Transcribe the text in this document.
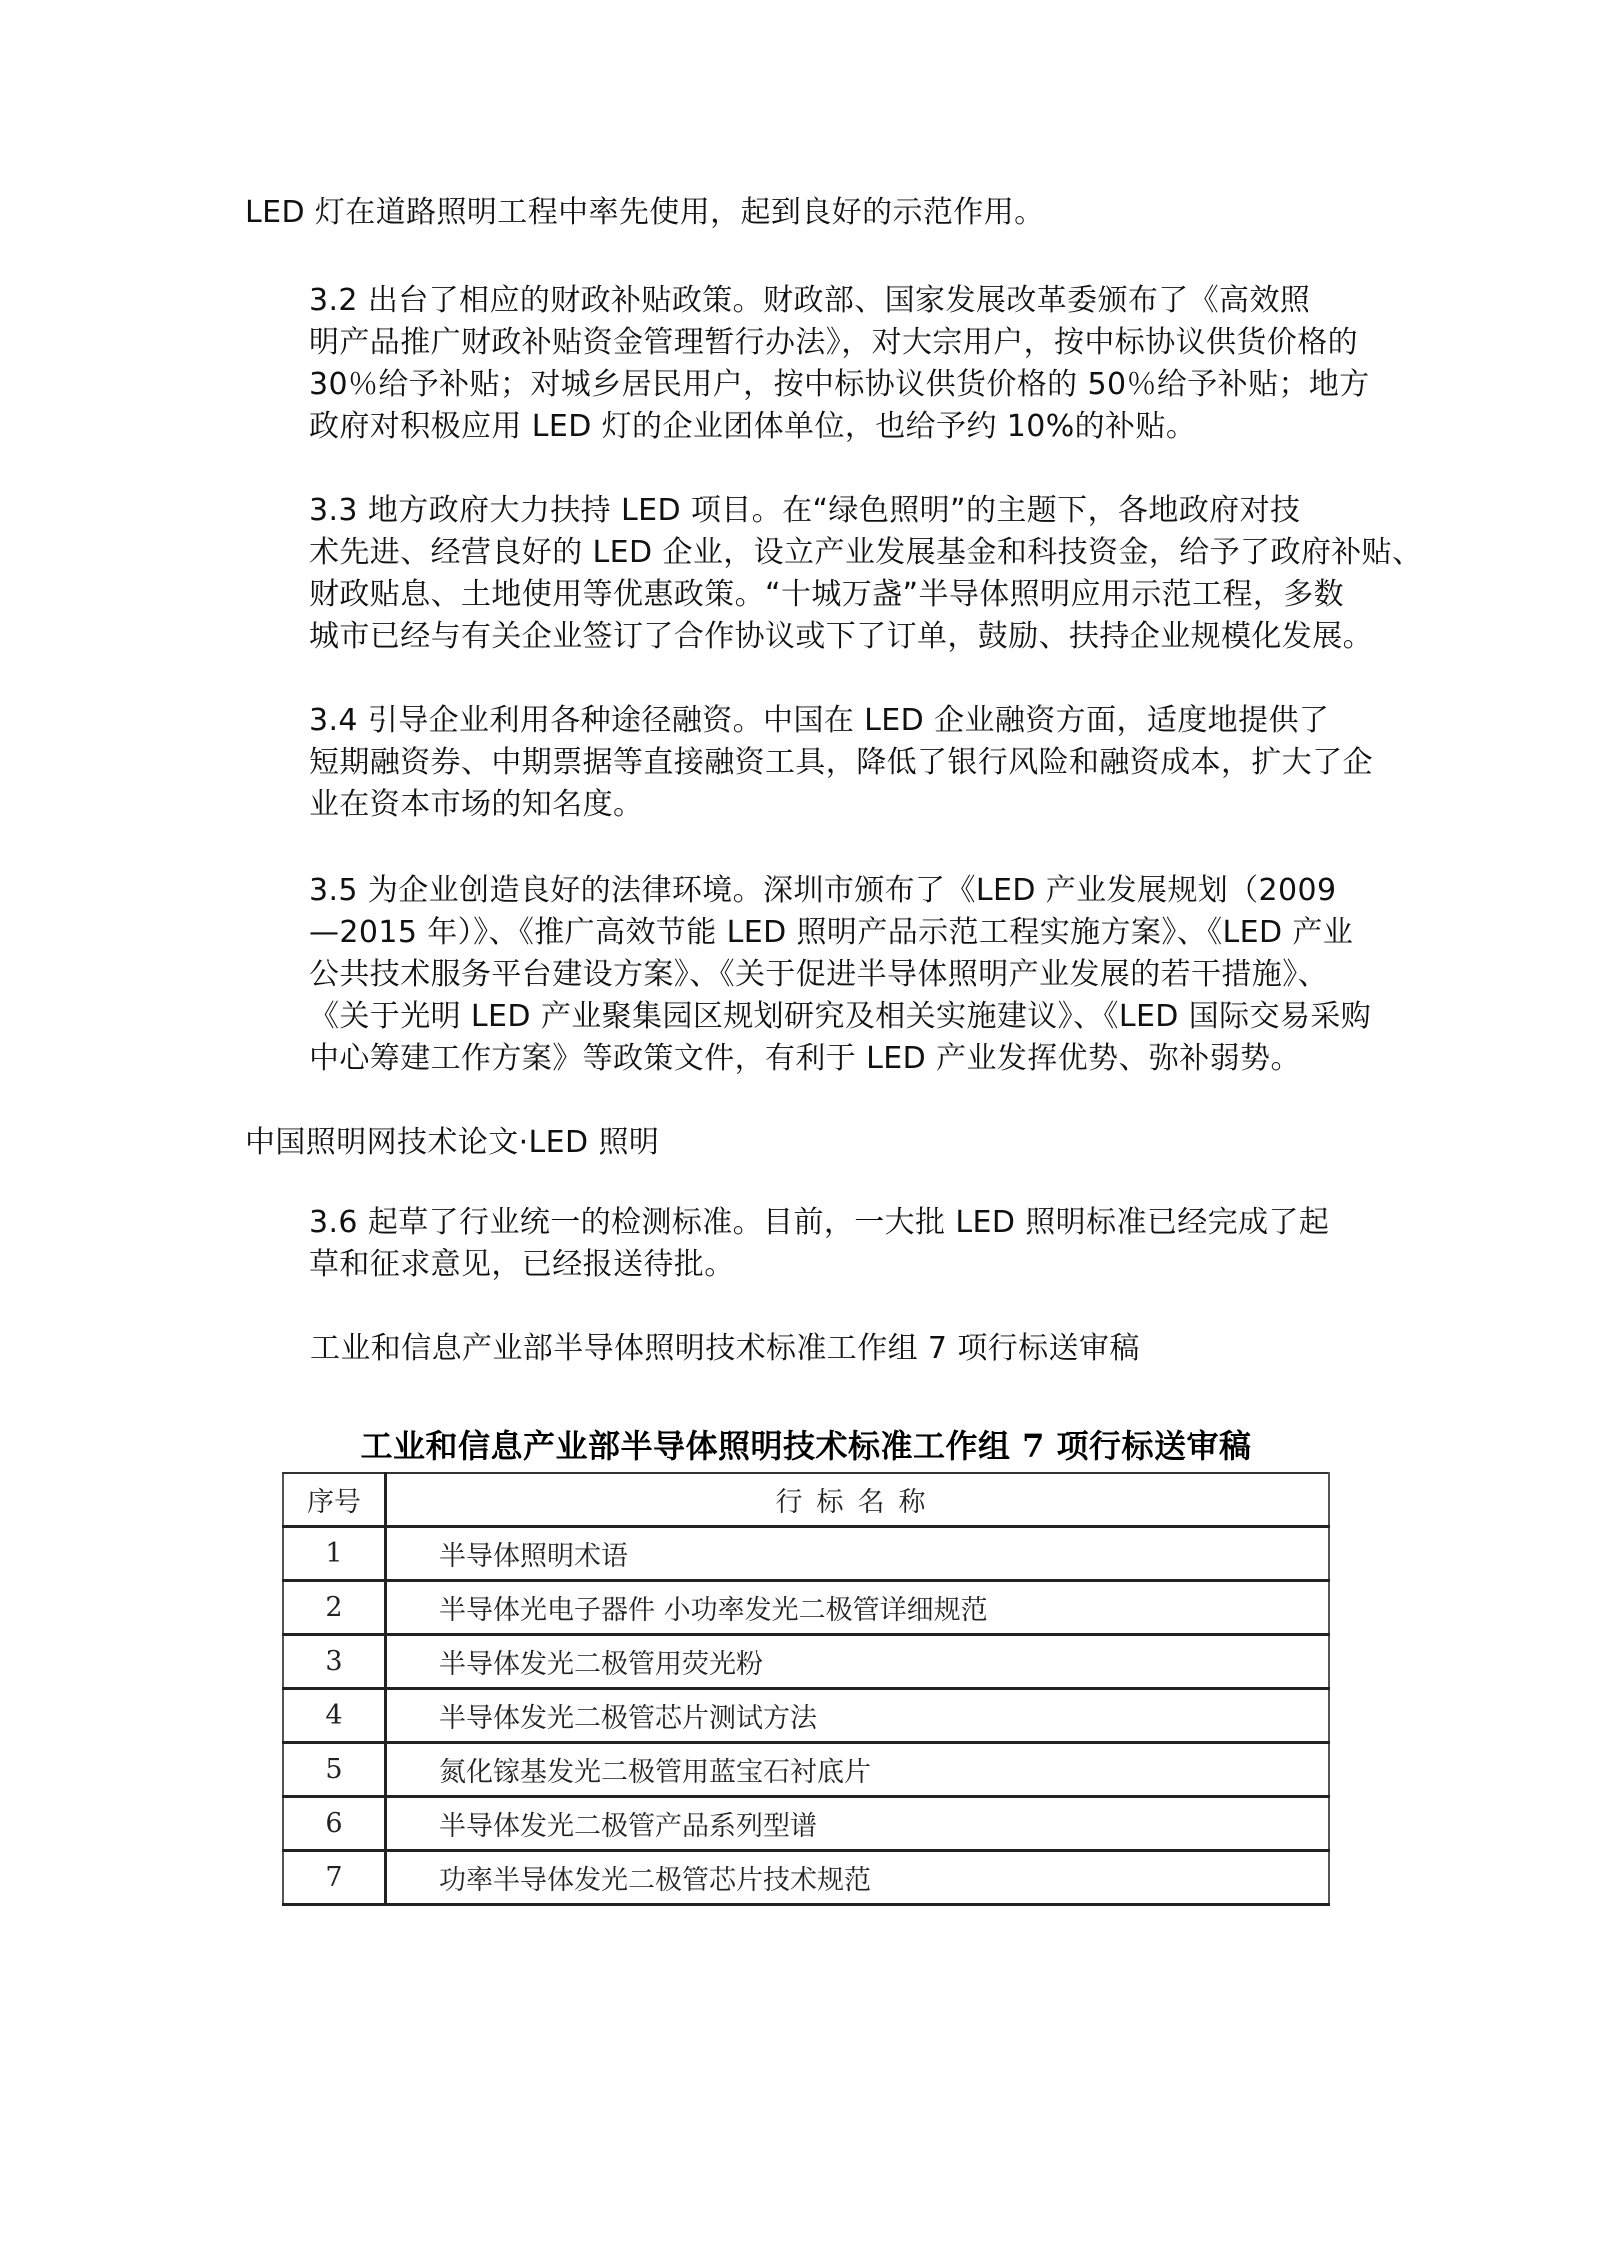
LED 灯在道路照明工程中率先使用，起到良好的示范作用。

3.2 出台了相应的财政补贴政策。财政部、国家发展改革委颁布了《高效照
明产品推广财政补贴资金管理暂行办法》，对大宗用户，按中标协议供货价格的
30％给予补贴；对城乡居民用户，按中标协议供货价格的 50％给予补贴；地方
政府对积极应用 LED 灯的企业团体单位，也给予约 10%的补贴。

3.3 地方政府大力扶持 LED 项目。在“绿色照明”的主题下，各地政府对技
术先进、经营良好的 LED 企业，设立产业发展基金和科技资金，给予了政府补贴、
财政贴息、土地使用等优惠政策。“十城万盏”半导体照明应用示范工程，多数
城市已经与有关企业签订了合作协议或下了订单，鼓励、扶持企业规模化发展。

3.4 引导企业利用各种途径融资。中国在 LED 企业融资方面，适度地提供了
短期融资券、中期票据等直接融资工具，降低了银行风险和融资成本，扩大了企
业在资本市场的知名度。

3.5 为企业创造良好的法律环境。深圳市颁布了《LED 产业发展规划（2009
—2015 年）》、《推广高效节能 LED 照明产品示范工程实施方案》、《LED 产业
公共技术服务平台建设方案》、《关于促进半导体照明产业发展的若干措施》、
《关于光明 LED 产业聚集园区规划研究及相关实施建议》、《LED 国际交易采购
中心筹建工作方案》等政策文件，有利于 LED 产业发挥优势、弥补弱势。

中国照明网技术论文·LED 照明

3.6 起草了行业统一的检测标准。目前，一大批 LED 照明标准已经完成了起
草和征求意见，已经报送待批。

工业和信息产业部半导体照明技术标准工作组 7 项行标送审稿

工业和信息产业部半导体照明技术标准工作组 7 项行标送审稿
序号	行标名称
1	半导体照明术语
2	半导体光电子器件 小功率发光二极管详细规范
3	半导体发光二极管用荧光粉
4	半导体发光二极管芯片测试方法
5	氮化镓基发光二极管用蓝宝石衬底片
6	半导体发光二极管产品系列型谱
7	功率半导体发光二极管芯片技术规范
